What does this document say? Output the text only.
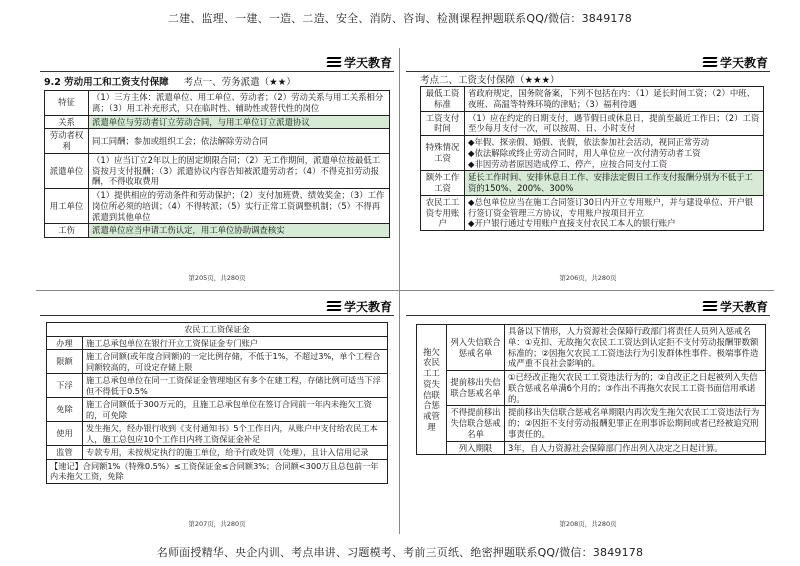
二建、监理、一建、一造、二造、安全、消防、咨询、检测课程押题联系QQ/微信：3849178
学天教育
9.2 劳动用工和工资支付保障 考点一、劳务派遣（★★）
特征	（1）三方主体：派遣单位、用工单位、劳动者；（2）劳动关系与用工关系相分离；（3）用工补充形式，只在临时性、辅助性或替代性的岗位
关系	派遣单位与劳动者订立劳动合同，与用工单位订立派遣协议
劳动者权利	同工同酬；参加或组织工会；依法解除劳动合同
派遣单位	（1）应当订立2年以上的固定期限合同；（2）无工作期间，派遣单位按最低工资按月支付报酬；（3）派遣协议内容告知被派遣劳动者；（4）不得克扣劳动报酬，不得收取费用
用工单位	（1）提供相应的劳动条件和劳动保护；（2）支付加班费、绩效奖金；（3）工作岗位所必须的培训；（4）不得转派；（5）实行正常工资调整机制；（5）不得再派遣到其他单位
工伤	派遣单位应当申请工伤认定，用工单位协助调查核实
第205页，共280页
学天教育
考点二、工资支付保障（★★★）
最低工资标准	省政府规定，国务院备案，下列不包括在内：（1）延长时间工资；（2）中班、夜班、高温等特殊环境的津贴；（3）福利待遇
工资支付时间	（1）应在约定的日期支付，遇节假日或休息日，提前至最近工作日；（2）工资至少每月支付一次，可以按周、日、小时支付
特殊情况工资	◆年假、探亲假、婚假、丧假，依法参加社会活动，视同正常劳动
◆依法解除或终止劳动合同时，用人单位应一次付清劳动者工资
◆非因劳动者原因造成停工、停产，应按合同支付工资
额外工作工资	延长工作时间、安排休息日工作、安排法定假日工作支付报酬分别为不低于工资的150%、200%、300%
农民工工资专用账户	◆总包单位应当在施工合同签订30日内开立专用账户，并与建设单位、开户银行签订资金管理三方协议，专用账户按项目开立
◆开户银行通过专用账户直接支付农民工本人的银行账户
第206页，共280页
学天教育
农民工工资保证金	
办理	施工总承包单位在银行开立工资保证金专门账户
限额	施工合同额(或年度合同额)的一定比例存储，不低于1%，不超过3%，单个工程合同额较高的，可设定存储上限
下浮	施工总承包单位在同一工资保证金管理地区有多个在建工程，存储比例可适当下浮但不得低于0.5%
免除	施工合同额低于300万元的，且施工总承包单位在签订合同前一年内未拖欠工资的，可免除
使用	发生拖欠，经办银行收到《支付通知书》5个工作日内，从账户中支付给农民工本人，施工总包应10个工作日内将工资保证金补足
监管	专款专用，未按规定执行的施工单位，给予行政处罚（处理），且计入信用记录
【速记】合同额1%（特殊0.5%）≤工资保证金≤合同额3%；合同额<300万且总包前一年内未拖欠工资，免除	
第207页，共280页
学天教育
拖欠农民工工资失信联合惩戒管理	列入失信联合惩戒名单	具备以下情形，人力资源社会保障行政部门将责任人员列入惩戒名单：①克扣、无故拖欠农民工工资达到认定拒不支付劳动报酬罪数额标准的；②因拖欠农民工工资违法行为引发群体性事件、极端事件造成严重不良社会影响的。
	提前移出失信联合惩戒名单	①已经改正拖欠农民工工资违法行为的；②自改正之日起被列入失信联合惩戒名单满6个月的；③作出不再拖欠农民工工资书面信用承诺的。
	不得提前移出失信联合惩戒名单	提前移出失信联合惩戒名单期限内再次发生拖欠农民工工资违法行为的；②因拒不支付劳动报酬犯罪正在刑事诉讼期间或者已经被追究刑事责任的。
	列入期限	3年，自人力资源社会保障部门作出列入决定之日起计算。
第208页，共280页
名师面授精华、央企内训、考点串讲、习题模考、考前三页纸、绝密押题联系QQ/微信：3849178
